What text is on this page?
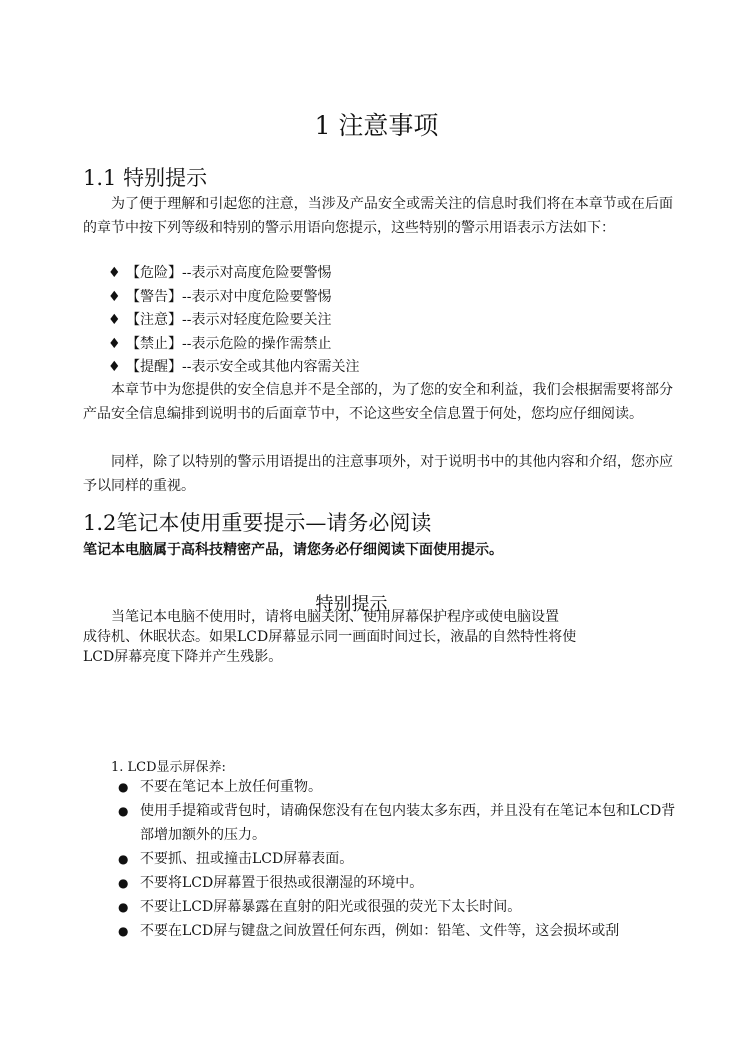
1 注意事项
1.1 特别提示

为了便于理解和引起您的注意，当涉及产品安全或需关注的信息时我们将在本章节或在后面的章节中按下列等级和特别的警示用语向您提示，这些特别的警示用语表示方法如下：

♦ 【危险】--表示对高度危险要警惕
♦ 【警告】--表示对中度危险要警惕
♦ 【注意】--表示对轻度危险要关注
♦ 【禁止】--表示危险的操作需禁止
♦ 【提醒】--表示安全或其他内容需关注

本章节中为您提供的安全信息并不是全部的，为了您的安全和利益，我们会根据需要将部分产品安全信息编排到说明书的后面章节中，不论这些安全信息置于何处，您均应仔细阅读。

同样，除了以特别的警示用语提出的注意事项外，对于说明书中的其他内容和介绍，您亦应予以同样的重视。

1.2笔记本使用重要提示—请务必阅读
笔记本电脑属于高科技精密产品，请您务必仔细阅读下面使用提示。
特别提示
　　当笔记本电脑不使用时，请将电脑关闭、使用屏幕保护程序或使电脑设置
成待机、休眠状态。如果LCD屏幕显示同一画面时间过长，液晶的自然特性将使
LCD屏幕亮度下降并产生残影。
1. LCD显示屏保养:
● 不要在笔记本上放任何重物。
● 使用手提箱或背包时，请确保您没有在包内装太多东西，并且没有在笔记本包和LCD背部增加额外的压力。
● 不要抓、扭或撞击LCD屏幕表面。
● 不要将LCD屏幕置于很热或很潮湿的环境中。
● 不要让LCD屏幕暴露在直射的阳光或很强的荧光下太长时间。
● 不要在LCD屏与键盘之间放置任何东西，例如：铅笔、文件等，这会损坏或刮
